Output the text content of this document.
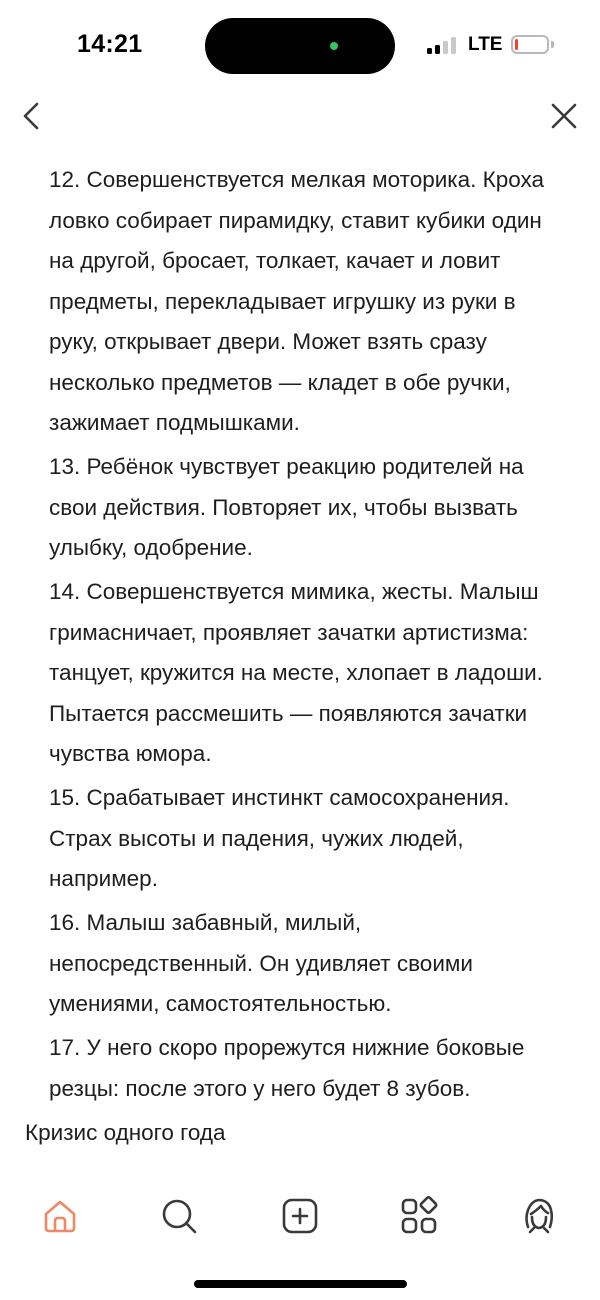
14:21	LTE

12. Совершенствуется мелкая моторика. Кроха ловко собирает пирамидку, ставит кубики один на другой, бросает, толкает, качает и ловит предметы, перекладывает игрушку из руки в руку, открывает двери. Может взять сразу несколько предметов — кладет в обе ручки, зажимает подмышками.

13. Ребёнок чувствует реакцию родителей на свои действия. Повторяет их, чтобы вызвать улыбку, одобрение.

14. Совершенствуется мимика, жесты. Малыш гримасничает, проявляет зачатки артистизма: танцует, кружится на месте, хлопает в ладоши. Пытается рассмешить — появляются зачатки чувства юмора.

15. Срабатывает инстинкт самосохранения. Страх высоты и падения, чужих людей, например.

16. Малыш забавный, милый, непосредственный. Он удивляет своими умениями, самостоятельностью.

17. У него скоро прорежутся нижние боковые резцы: после этого у него будет 8 зубов.

Кризис одного года
